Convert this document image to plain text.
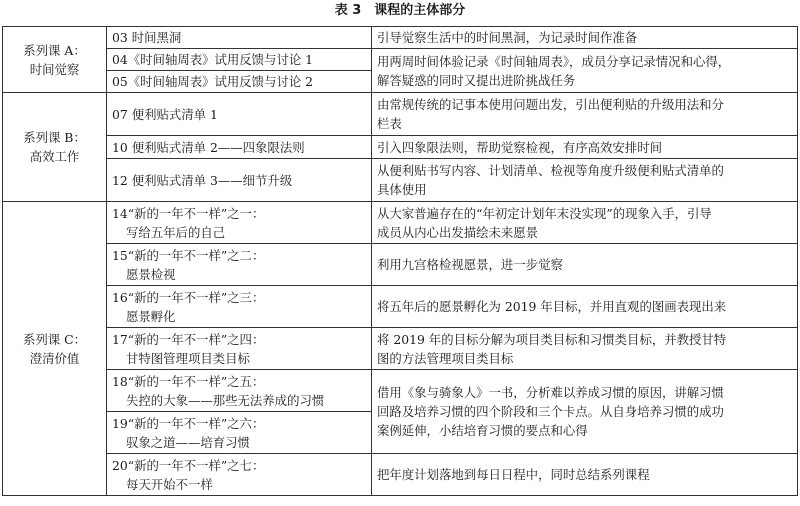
表 3　课程的主体部分
系列课 A：
时间觉察	03 时间黑洞	引导觉察生活中的时间黑洞，为记录时间作准备

	04《时间轴周表》试用反馈与讨论 1	用两周时间体验记录《时间轴周表》，成员分享记录情况和心得，
解答疑惑的同时又提出进阶挑战任务

	05《时间轴周表》试用反馈与讨论 2	

系列课 B：
高效工作	07 便利贴式清单 1	由常规传统的记事本使用问题出发，引出便利贴的升级用法和分
栏表

	10 便利贴式清单 2——四象限法则	引入四象限法则，帮助觉察检视，有序高效安排时间

	12 便利贴式清单 3——细节升级	从便利贴书写内容、计划清单、检视等角度升级便利贴式清单的
具体使用

系列课 C：
澄清价值	14“新的一年不一样”之一：
写给五年后的自己	从大家普遍存在的“年初定计划年末没实现”的现象入手，引导
成员从内心出发描绘未来愿景

	15“新的一年不一样”之二：
愿景检视	利用九宫格检视愿景，进一步觉察

	16“新的一年不一样”之三：
愿景孵化	将五年后的愿景孵化为 2019 年目标，并用直观的图画表现出来

	17“新的一年不一样”之四：
甘特图管理项目类目标	将 2019 年的目标分解为项目类目标和习惯类目标，并教授甘特
图的方法管理项目类目标

	18“新的一年不一样”之五：
失控的大象——那些无法养成的习惯	借用《象与骑象人》一书，分析难以养成习惯的原因，讲解习惯
回路及培养习惯的四个阶段和三个卡点。从自身培养习惯的成功
案例延伸，小结培育习惯的要点和心得

	19“新的一年不一样”之六：
驭象之道——培育习惯	

	20“新的一年不一样”之七：
每天开始不一样	把年度计划落地到每日日程中，同时总结系列课程
